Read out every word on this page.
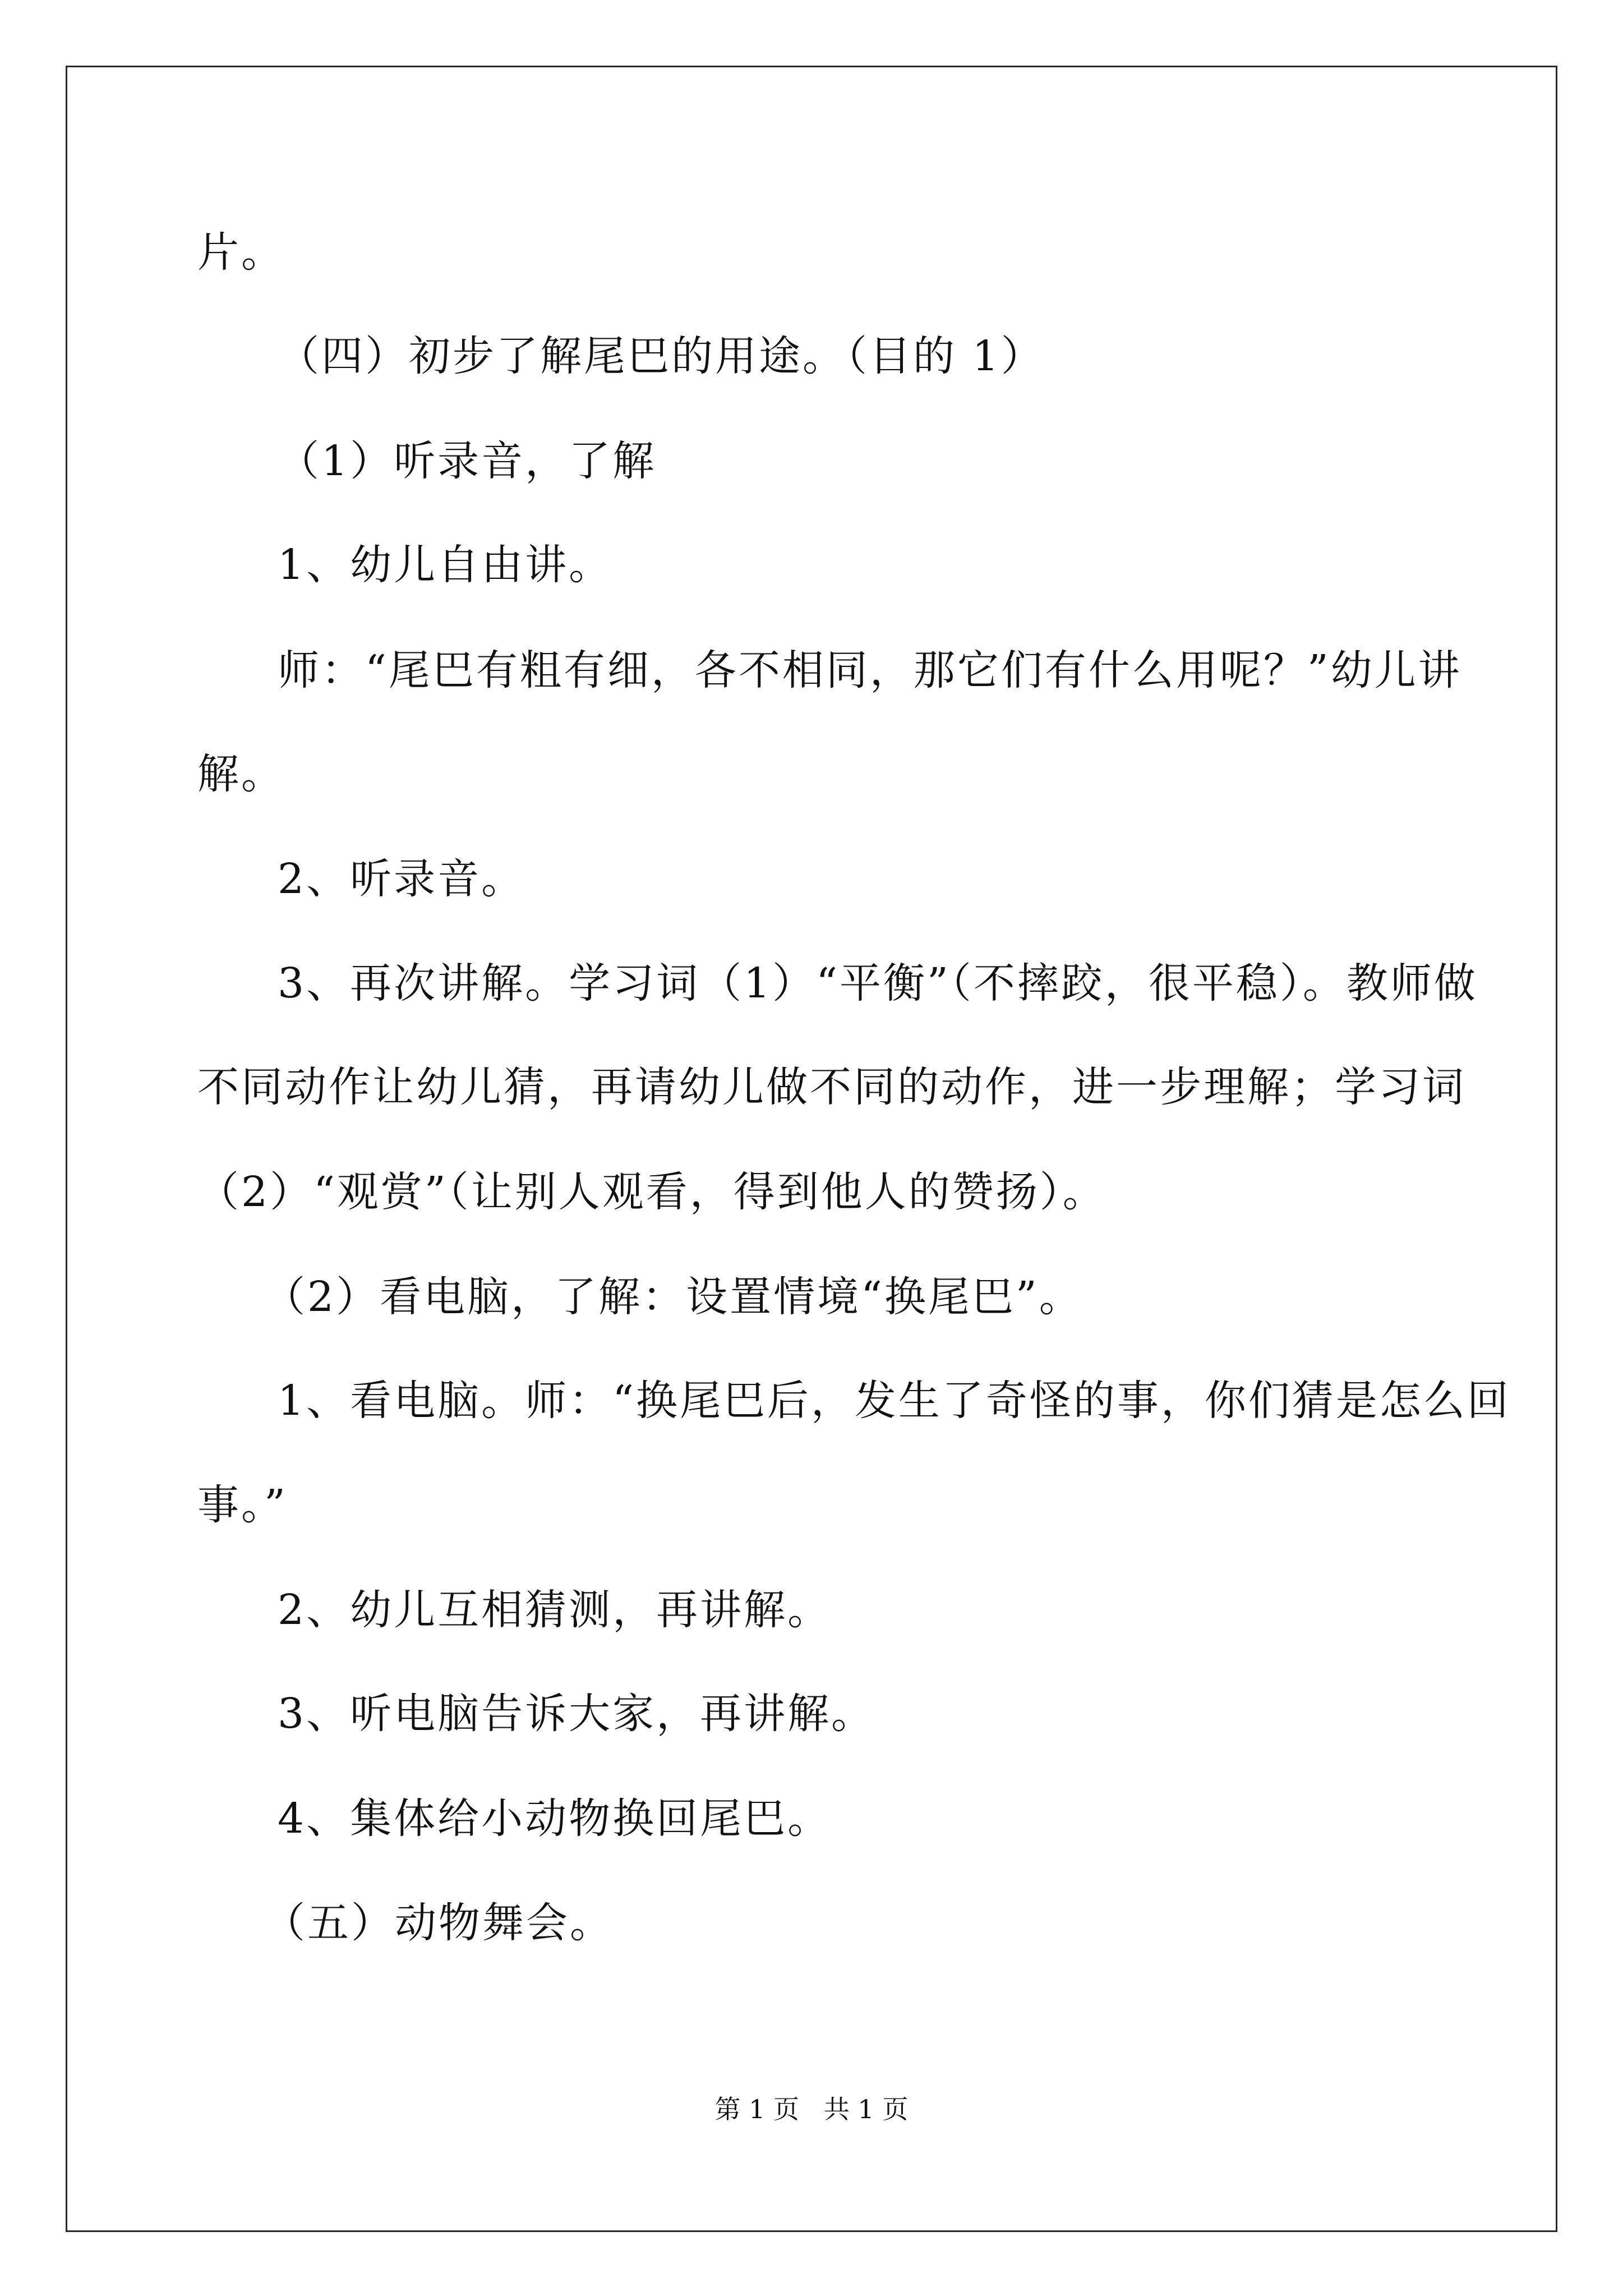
片。

（四）初步了解尾巴的用途。（目的 1）

（1）听录音，了解

1、幼儿自由讲。

师：“尾巴有粗有细，各不相同，那它们有什么用呢？”幼儿讲

解。

2、听录音。

3、再次讲解。学习词（1）“平衡”（不摔跤，很平稳）。教师做

不同动作让幼儿猜，再请幼儿做不同的动作，进一步理解；学习词

（2）“观赏”（让别人观看，得到他人的赞扬）。

（2）看电脑，了解：设置情境“换尾巴”。

1、看电脑。师：“换尾巴后，发生了奇怪的事，你们猜是怎么回

事。”

2、幼儿互相猜测，再讲解。

3、听电脑告诉大家，再讲解。

4、集体给小动物换回尾巴。

（五）动物舞会。

第 1 页   共 1 页
